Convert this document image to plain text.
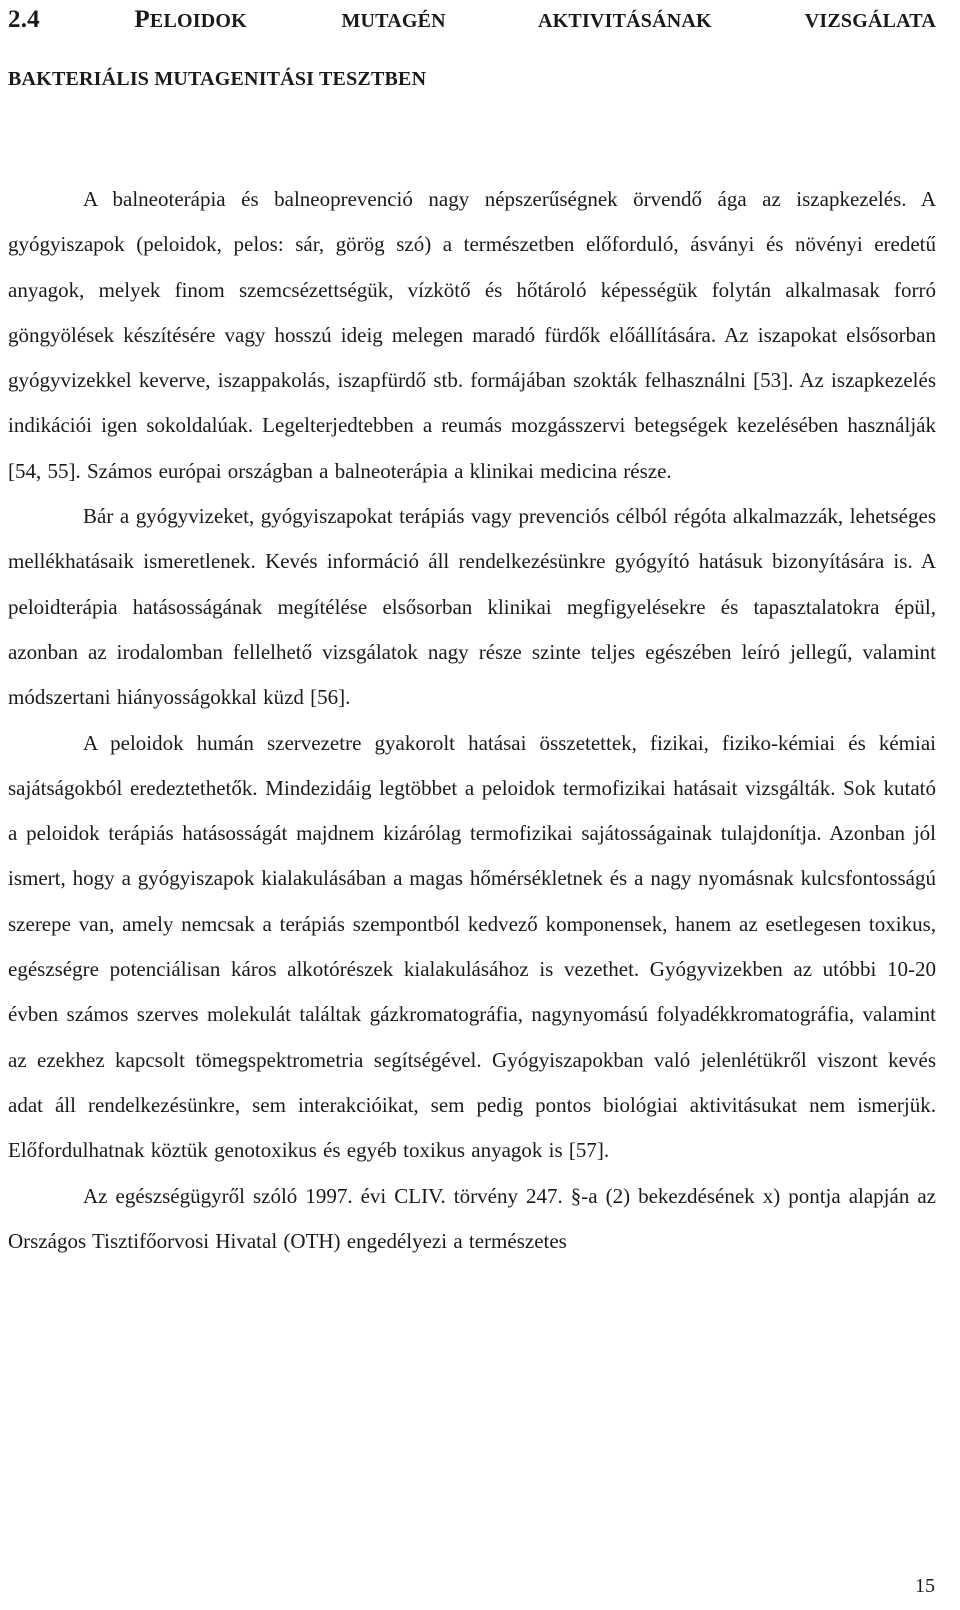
2.4	PELOIDOK	MUTAGÉN AKTIVITÁSÁNAK VIZSGÁLATA
BAKTERIÁLIS MUTAGENITÁSI TESZTBEN

A balneoterápia és balneoprevenció nagy népszerűségnek örvendő ága az iszapkezelés. A gyógyiszapok (peloidok, pelos: sár, görög szó) a természetben előforduló, ásványi és növényi eredetű anyagok, melyek finom szemcsézettségük, vízkötő és hőtároló képességük folytán alkalmasak forró göngyölések készítésére vagy hosszú ideig melegen maradó fürdők előállítására. Az iszapokat elsősorban gyógyvizekkel keverve, iszappakolás, iszapfürdő stb. formájában szokták felhasználni [53]. Az iszapkezelés indikációi igen sokoldalúak. Legelterjedtebben a reumás mozgásszervi betegségek kezelésében használják [54, 55]. Számos európai országban a balneoterápia a klinikai medicina része.

Bár a gyógyvizeket, gyógyiszapokat terápiás vagy prevenciós célból régóta alkalmazzák, lehetséges mellékhatásaik ismeretlenek. Kevés információ áll rendelkezésünkre gyógyító hatásuk bizonyítására is. A peloidterápia hatásosságának megítélése elsősorban klinikai megfigyelésekre és tapasztalatokra épül, azonban az irodalomban fellelhető vizsgálatok nagy része szinte teljes egészében leíró jellegű, valamint módszertani hiányosságokkal küzd [56].

A peloidok humán szervezetre gyakorolt hatásai összetettek, fizikai, fiziko-kémiai és kémiai sajátságokból eredeztethetők. Mindezidáig legtöbbet a peloidok termofizikai hatásait vizsgálták. Sok kutató a peloidok terápiás hatásosságát majdnem kizárólag termofizikai sajátosságainak tulajdonítja. Azonban jól ismert, hogy a gyógyiszapok kialakulásában a magas hőmérsékletnek és a nagy nyomásnak kulcsfontosságú szerepe van, amely nemcsak a terápiás szempontból kedvező komponensek, hanem az esetlegesen toxikus, egészségre potenciálisan káros alkotórészek kialakulásához is vezethet. Gyógyvizekben az utóbbi 10-20 évben számos szerves molekulát találtak gázkromatográfia, nagynyomású folyadékkromatográfia, valamint az ezekhez kapcsolt tömegspektrometria segítségével. Gyógyiszapokban való jelenlétükről viszont kevés adat áll rendelkezésünkre, sem interakcióikat, sem pedig pontos biológiai aktivitásukat nem ismerjük. Előfordulhatnak köztük genotoxikus és egyéb toxikus anyagok is [57].

Az egészségügyről szóló 1997. évi CLIV. törvény 247. §-a (2) bekezdésének x) pontja alapján az Országos Tisztifőorvosi Hivatal (OTH) engedélyezi a természetes

15
